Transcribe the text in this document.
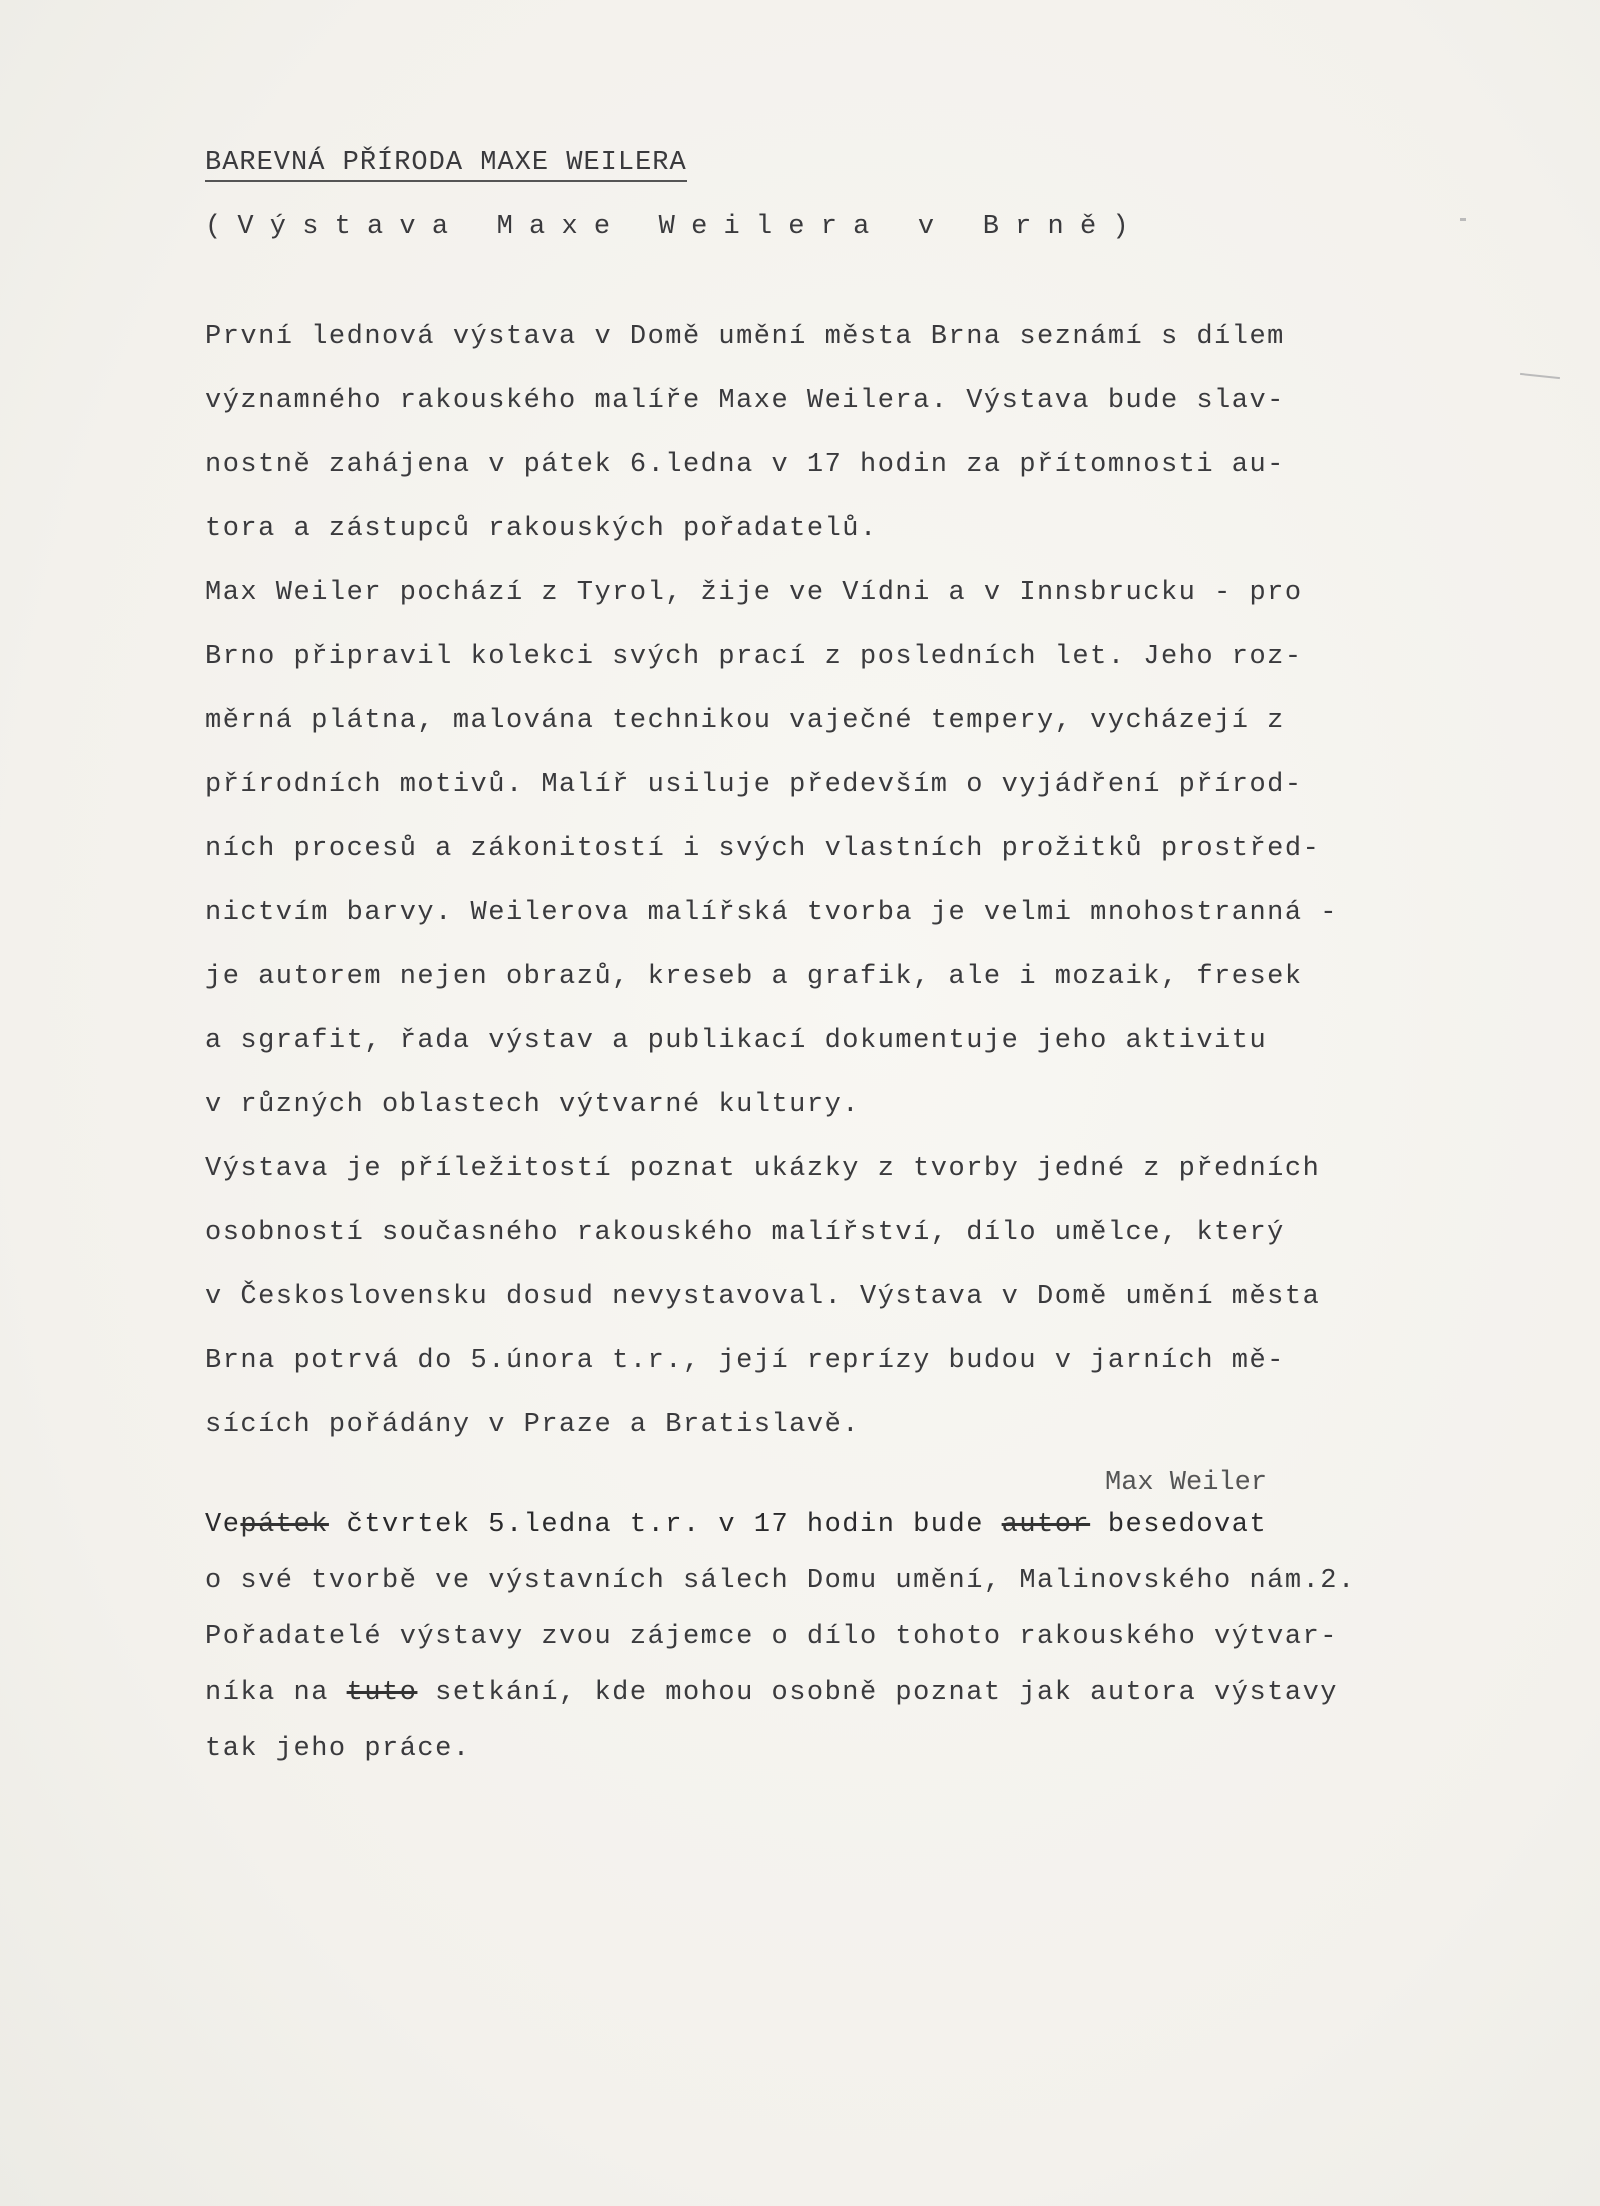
BAREVNÁ PŘÍRODA MAXE WEILERA
( V ý s t a v a   M a x e   W e i l e r a   v   B r n ě )
První lednová výstava v Domě umění města Brna seznámí s dílem
významného rakouského malíře Maxe Weilera. Výstava bude slav-
nostně zahájena v pátek 6.ledna v 17 hodin za přítomnosti au-
tora a zástupců rakouských pořadatelů.
Max Weiler pochází z Tyrol, žije ve Vídni a v Innsbrucku - pro
Brno připravil kolekci svých prací z posledních let. Jeho roz-
měrná plátna, malována technikou vaječné tempery, vycházejí z
přírodních motivů. Malíř usiluje především o vyjádření přírod-
ních procesů a zákonitostí i svých vlastních prožitků prostřed-
nictvím barvy. Weilerova malířská tvorba je velmi mnohostranná -
je autorem nejen obrazů, kreseb a grafik, ale i mozaik, fresek
a sgrafit, řada výstav a publikací dokumentuje jeho aktivitu
v různých oblastech výtvarné kultury.
Výstava je příležitostí poznat ukázky z tvorby jedné z předních
osobností současného rakouského malířství, dílo umělce, který
v Československu dosud nevystavoval. Výstava v Domě umění města
Brna potrvá do 5.února t.r., její reprízy budou v jarních mě-
sících pořádány v Praze a Bratislavě.
Max Weiler
Vepátek čtvrtek 5.ledna t.r. v 17 hodin bude autor besedovat
o své tvorbě ve výstavních sálech Domu umění, Malinovského nám.2.
Pořadatelé výstavy zvou zájemce o dílo tohoto rakouského výtvar-
níka na tuto setkání, kde mohou osobně poznat jak autora výstavy
tak jeho práce.
